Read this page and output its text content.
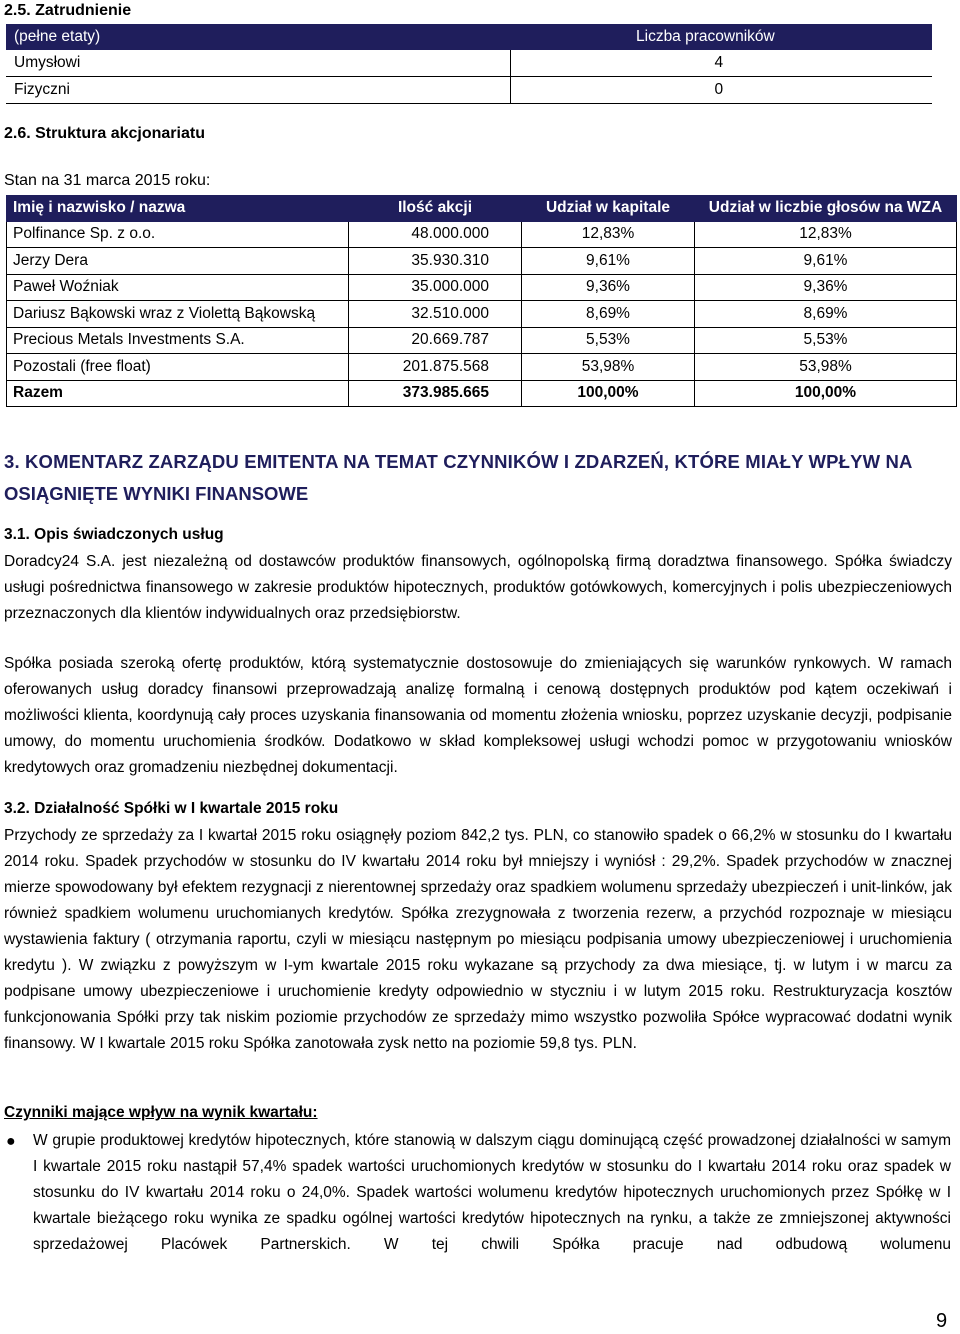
2.5. Zatrudnienie
(pełne etaty)	Liczba pracowników
Umysłowi	4
Fizyczni	0
2.6. Struktura akcjonariatu
Stan na 31 marca 2015 roku:
Imię i nazwisko / nazwa	Ilość akcji	Udział w kapitale	Udział w liczbie głosów na WZA
Polfinance Sp. z o.o.	48.000.000	12,83%	12,83%
Jerzy Dera	35.930.310	9,61%	9,61%
Paweł Woźniak	35.000.000	9,36%	9,36%
Dariusz Bąkowski wraz z Violettą Bąkowską	32.510.000	8,69%	8,69%
Precious Metals Investments S.A.	20.669.787	5,53%	5,53%
Pozostali (free float)	201.875.568	53,98%	53,98%
Razem	373.985.665	100,00%	100,00%
3. KOMENTARZ ZARZĄDU EMITENTA NA TEMAT CZYNNIKÓW I ZDARZEŃ, KTÓRE MIAŁY WPŁYW NA
OSIĄGNIĘTE WYNIKI FINANSOWE
3.1. Opis świadczonych usług
Doradcy24 S.A. jest niezależną od dostawców produktów finansowych, ogólnopolską firmą doradztwa finansowego. Spółka świadczy usługi pośrednictwa finansowego w zakresie produktów hipotecznych, produktów gotówkowych, komercyjnych i polis ubezpieczeniowych przeznaczonych dla klientów indywidualnych oraz przedsiębiorstw.
Spółka posiada szeroką ofertę produktów, którą systematycznie dostosowuje do zmieniających się warunków rynkowych. W ramach oferowanych usług doradcy finansowi przeprowadzają analizę formalną i cenową dostępnych produktów pod kątem oczekiwań i możliwości klienta, koordynują cały proces uzyskania finansowania od momentu złożenia wniosku, poprzez uzyskanie decyzji, podpisanie umowy, do momentu uruchomienia środków. Dodatkowo w skład kompleksowej usługi wchodzi pomoc w przygotowaniu wniosków kredytowych oraz gromadzeniu niezbędnej dokumentacji.
3.2. Działalność Spółki w I kwartale 2015 roku
Przychody ze sprzedaży za I kwartał 2015 roku osiągnęły poziom 842,2 tys. PLN, co stanowiło spadek o 66,2% w stosunku do I kwartału 2014 roku. Spadek przychodów w stosunku do IV kwartału 2014 roku był mniejszy i wyniósł : 29,2%. Spadek przychodów w znacznej mierze spowodowany był efektem rezygnacji z nierentownej sprzedaży oraz spadkiem wolumenu sprzedaży ubezpieczeń i unit-linków, jak również spadkiem wolumenu uruchomianych kredytów. Spółka zrezygnowała z tworzenia rezerw, a przychód rozpoznaje w miesiącu wystawienia faktury ( otrzymania raportu, czyli w miesiącu następnym po miesiącu podpisania umowy ubezpieczeniowej i uruchomienia kredytu ). W związku z powyższym w I-ym kwartale 2015 roku wykazane są przychody za dwa miesiące, tj. w lutym i w marcu za podpisane umowy ubezpieczeniowe i uruchomienie kredyty odpowiednio w styczniu i w lutym 2015 roku. Restrukturyzacja kosztów funkcjonowania Spółki przy tak niskim poziomie przychodów ze sprzedaży mimo wszystko pozwoliła Spółce wypracować dodatni wynik finansowy. W I kwartale 2015 roku Spółka zanotowała zysk netto na poziomie 59,8 tys. PLN.
Czynniki mające wpływ na wynik kwartału:
● W grupie produktowej kredytów hipotecznych, które stanowią w dalszym ciągu dominującą część prowadzonej działalności w samym I kwartale 2015 roku nastąpił 57,4% spadek wartości uruchomionych kredytów w stosunku do I kwartału 2014 roku oraz spadek w stosunku do IV kwartału 2014 roku o 24,0%. Spadek wartości wolumenu kredytów hipotecznych uruchomionych przez Spółkę w I kwartale bieżącego roku wynika ze spadku ogólnej wartości kredytów hipotecznych na rynku, a także ze zmniejszonej aktywności sprzedażowej Placówek Partnerskich. W tej chwili Spółka pracuje nad odbudową wolumenu
9
